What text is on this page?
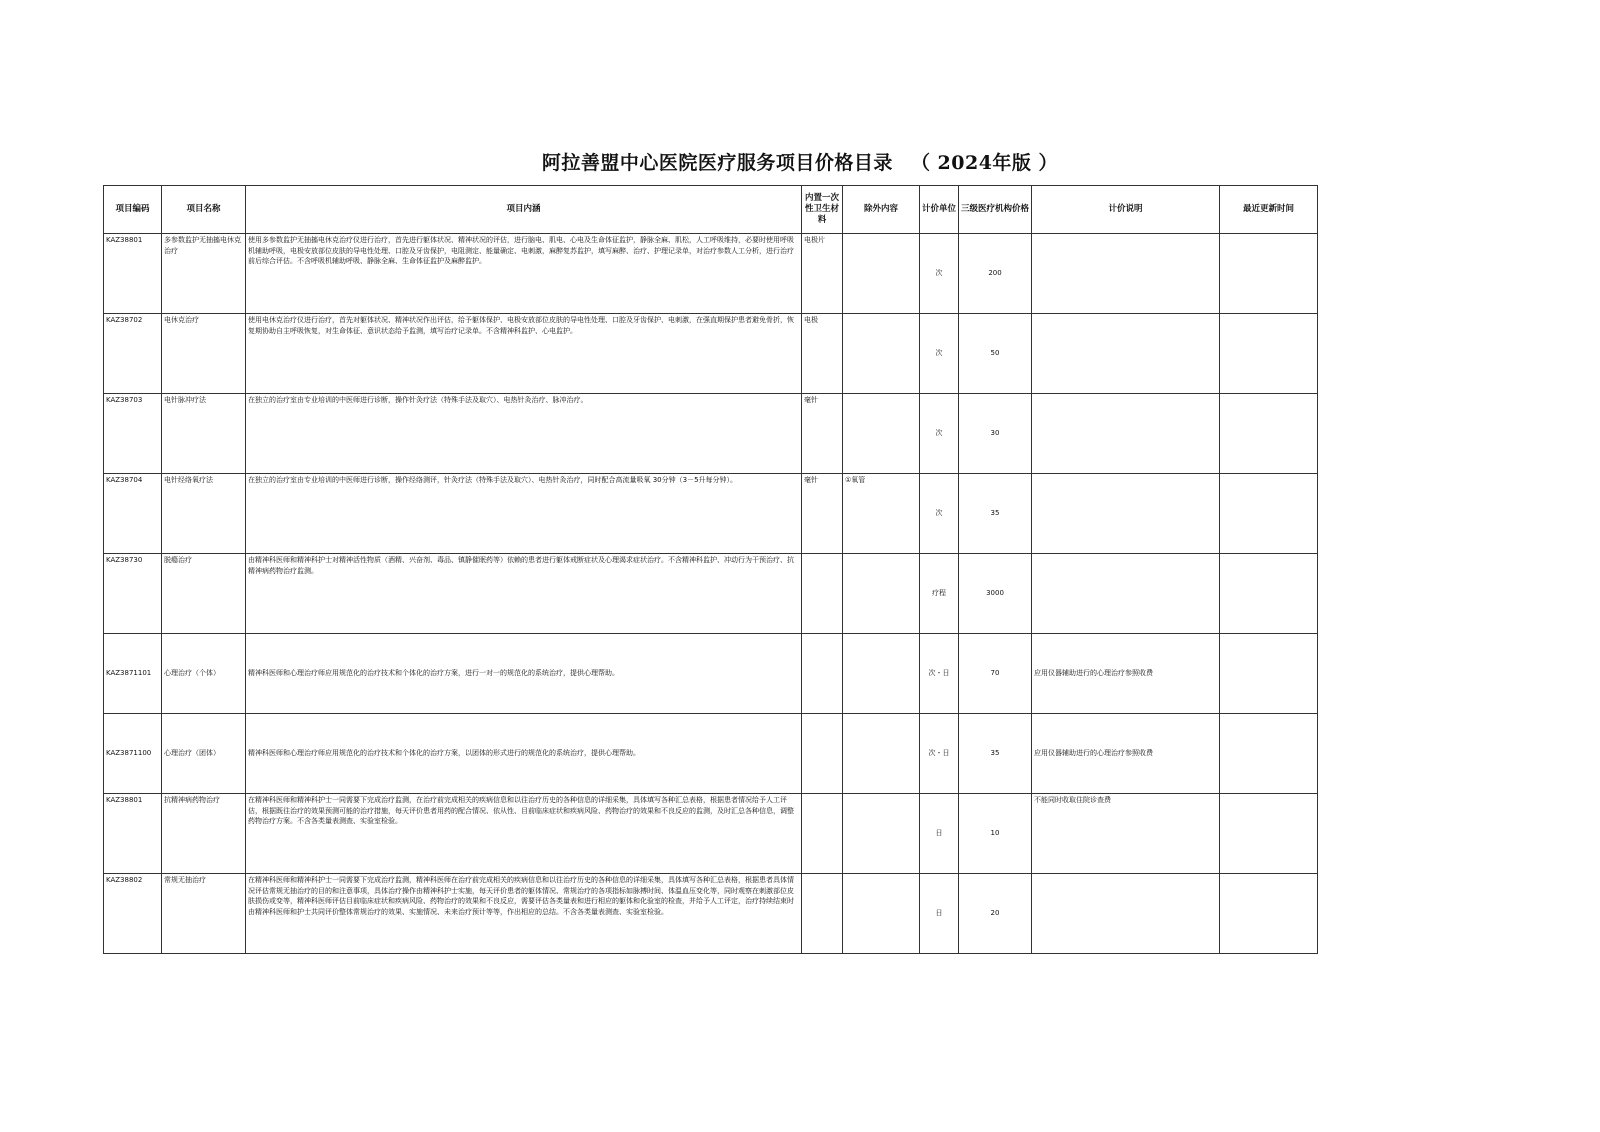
阿拉善盟中心医院医疗服务项目价格目录 （ 2024年版 ）
项目编码	项目名称	项目内涵	内置一次性卫生材料	除外内容	计价单位	三级医疗机构价格	计价说明	最近更新时间
KAZ38801	多参数监护无抽搐电休克治疗	使用多参数监护无抽搐电休克治疗仪进行治疗，首先进行躯体状况、精神状况的评估，进行脑电、肌电、心电及生命体征监护，静脉全麻、肌松，人工呼吸维持，必要时使用呼吸机辅助呼吸，电极安放部位皮肤的导电性处理、口腔及牙齿保护，电阻测定、能量确定、电刺激，麻醉复苏监护，填写麻醉、治疗、护理记录单，对治疗参数人工分析，进行治疗前后综合评估。不含呼吸机辅助呼吸、静脉全麻、生命体征监护及麻醉监护。	电极片		次	200		
KAZ38702	电休克治疗	使用电休克治疗仪进行治疗，首先对躯体状况、精神状况作出评估，给予躯体保护、电极安放部位皮肤的导电性处理、口腔及牙齿保护、电刺激，在强直期保护患者避免骨折，恢复期协助自主呼吸恢复，对生命体征、意识状态给予监测，填写治疗记录单。不含精神科监护、心电监护。	电极		次	50		
KAZ38703	电针脉冲疗法	在独立的治疗室由专业培训的中医师进行诊断，操作针灸疗法（特殊手法及取穴）、电热针灸治疗、脉冲治疗。	毫针		次	30		
KAZ38704	电针经络氧疗法	在独立的治疗室由专业培训的中医师进行诊断，操作经络测评，针灸疗法（特殊手法及取穴）、电热针灸治疗，同时配合高流量吸氧 30分钟（3－5升每分钟）。	毫针	①氧管	次	35		
KAZ38730	脱瘾治疗	由精神科医师和精神科护士对精神活性物质（酒精、兴奋剂、毒品、镇静催眠药等）依赖的患者进行躯体戒断症状及心理渴求症状治疗。不含精神科监护、冲动行为干预治疗、抗精神病药物治疗监测。			疗程	3000		
KAZ3871101	心理治疗（个体）	精神科医师和心理治疗师应用规范化的治疗技术和个体化的治疗方案，进行一对一的规范化的系统治疗，提供心理帮助。			次・日	70	应用仪器辅助进行的心理治疗参照收费	
KAZ3871100	心理治疗（团体）	精神科医师和心理治疗师应用规范化的治疗技术和个体化的治疗方案，以团体的形式进行的规范化的系统治疗，提供心理帮助。			次・日	35	应用仪器辅助进行的心理治疗参照收费	
KAZ38801	抗精神病药物治疗	在精神科医师和精神科护士一同需要下完成治疗监测，在治疗前完成相关的疾病信息和以往治疗历史的各种信息的详细采集，具体填写各种汇总表格，根据患者情况给予人工评估，根据既往治疗的效果预测可能的治疗措施，每天评价患者用药的配合情况、依从性、目前临床症状和疾病风险、药物治疗的效果和不良反应的监测，及时汇总各种信息，调整药物治疗方案。不含各类量表测查、实验室检验。			日	10	不能同时收取住院诊查费	
KAZ38802	常规无抽治疗	在精神科医师和精神科护士一同需要下完成治疗监测，精神科医师在治疗前完成相关的疾病信息和以往治疗历史的各种信息的详细采集，具体填写各种汇总表格，根据患者具体情况评估常规无抽治疗的目的和注意事项，具体治疗操作由精神科护士实施，每天评价患者的躯体情况、常规治疗的各项指标如脉搏时间、体温血压变化等，同时观察在刺激部位皮肤损伤或变等，精神科医师评估目前临床症状和疾病风险、药物治疗的效果和不良反应，需要评估各类量表和进行相应的躯体和化验室的检查，并给予人工评定，治疗持续结束时由精神科医师和护士共同评价整体常规治疗的效果、实施情况、未来治疗预计等等，作出相应的总结。不含各类量表测查、实验室检验。			日	20		
